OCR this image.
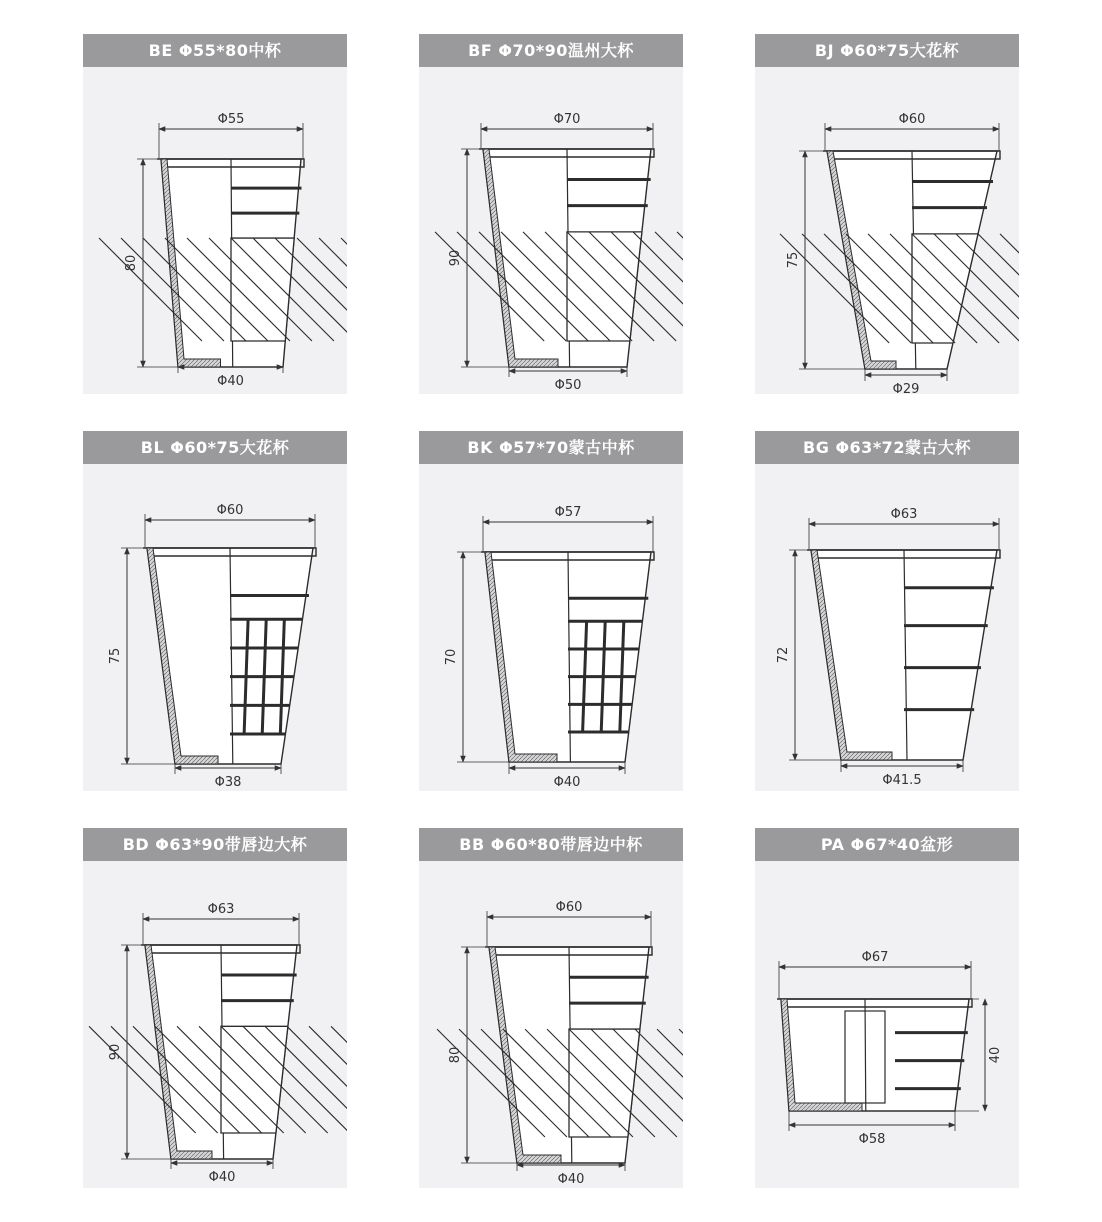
BE Φ55*80中杯
Φ55
Φ40
80
BF Φ70*90温州大杯
Φ70
Φ50
90
BJ Φ60*75大花杯
Φ60
Φ29
75
BL Φ60*75大花杯
Φ60
Φ38
75
BK Φ57*70蒙古中杯
Φ57
Φ40
70
BG Φ63*72蒙古大杯
Φ63
Φ41.5
72
BD Φ63*90带唇边大杯
Φ63
Φ40
90
BB Φ60*80带唇边中杯
Φ60
Φ40
80
PA Φ67*40盆形
Φ67
Φ58
40
